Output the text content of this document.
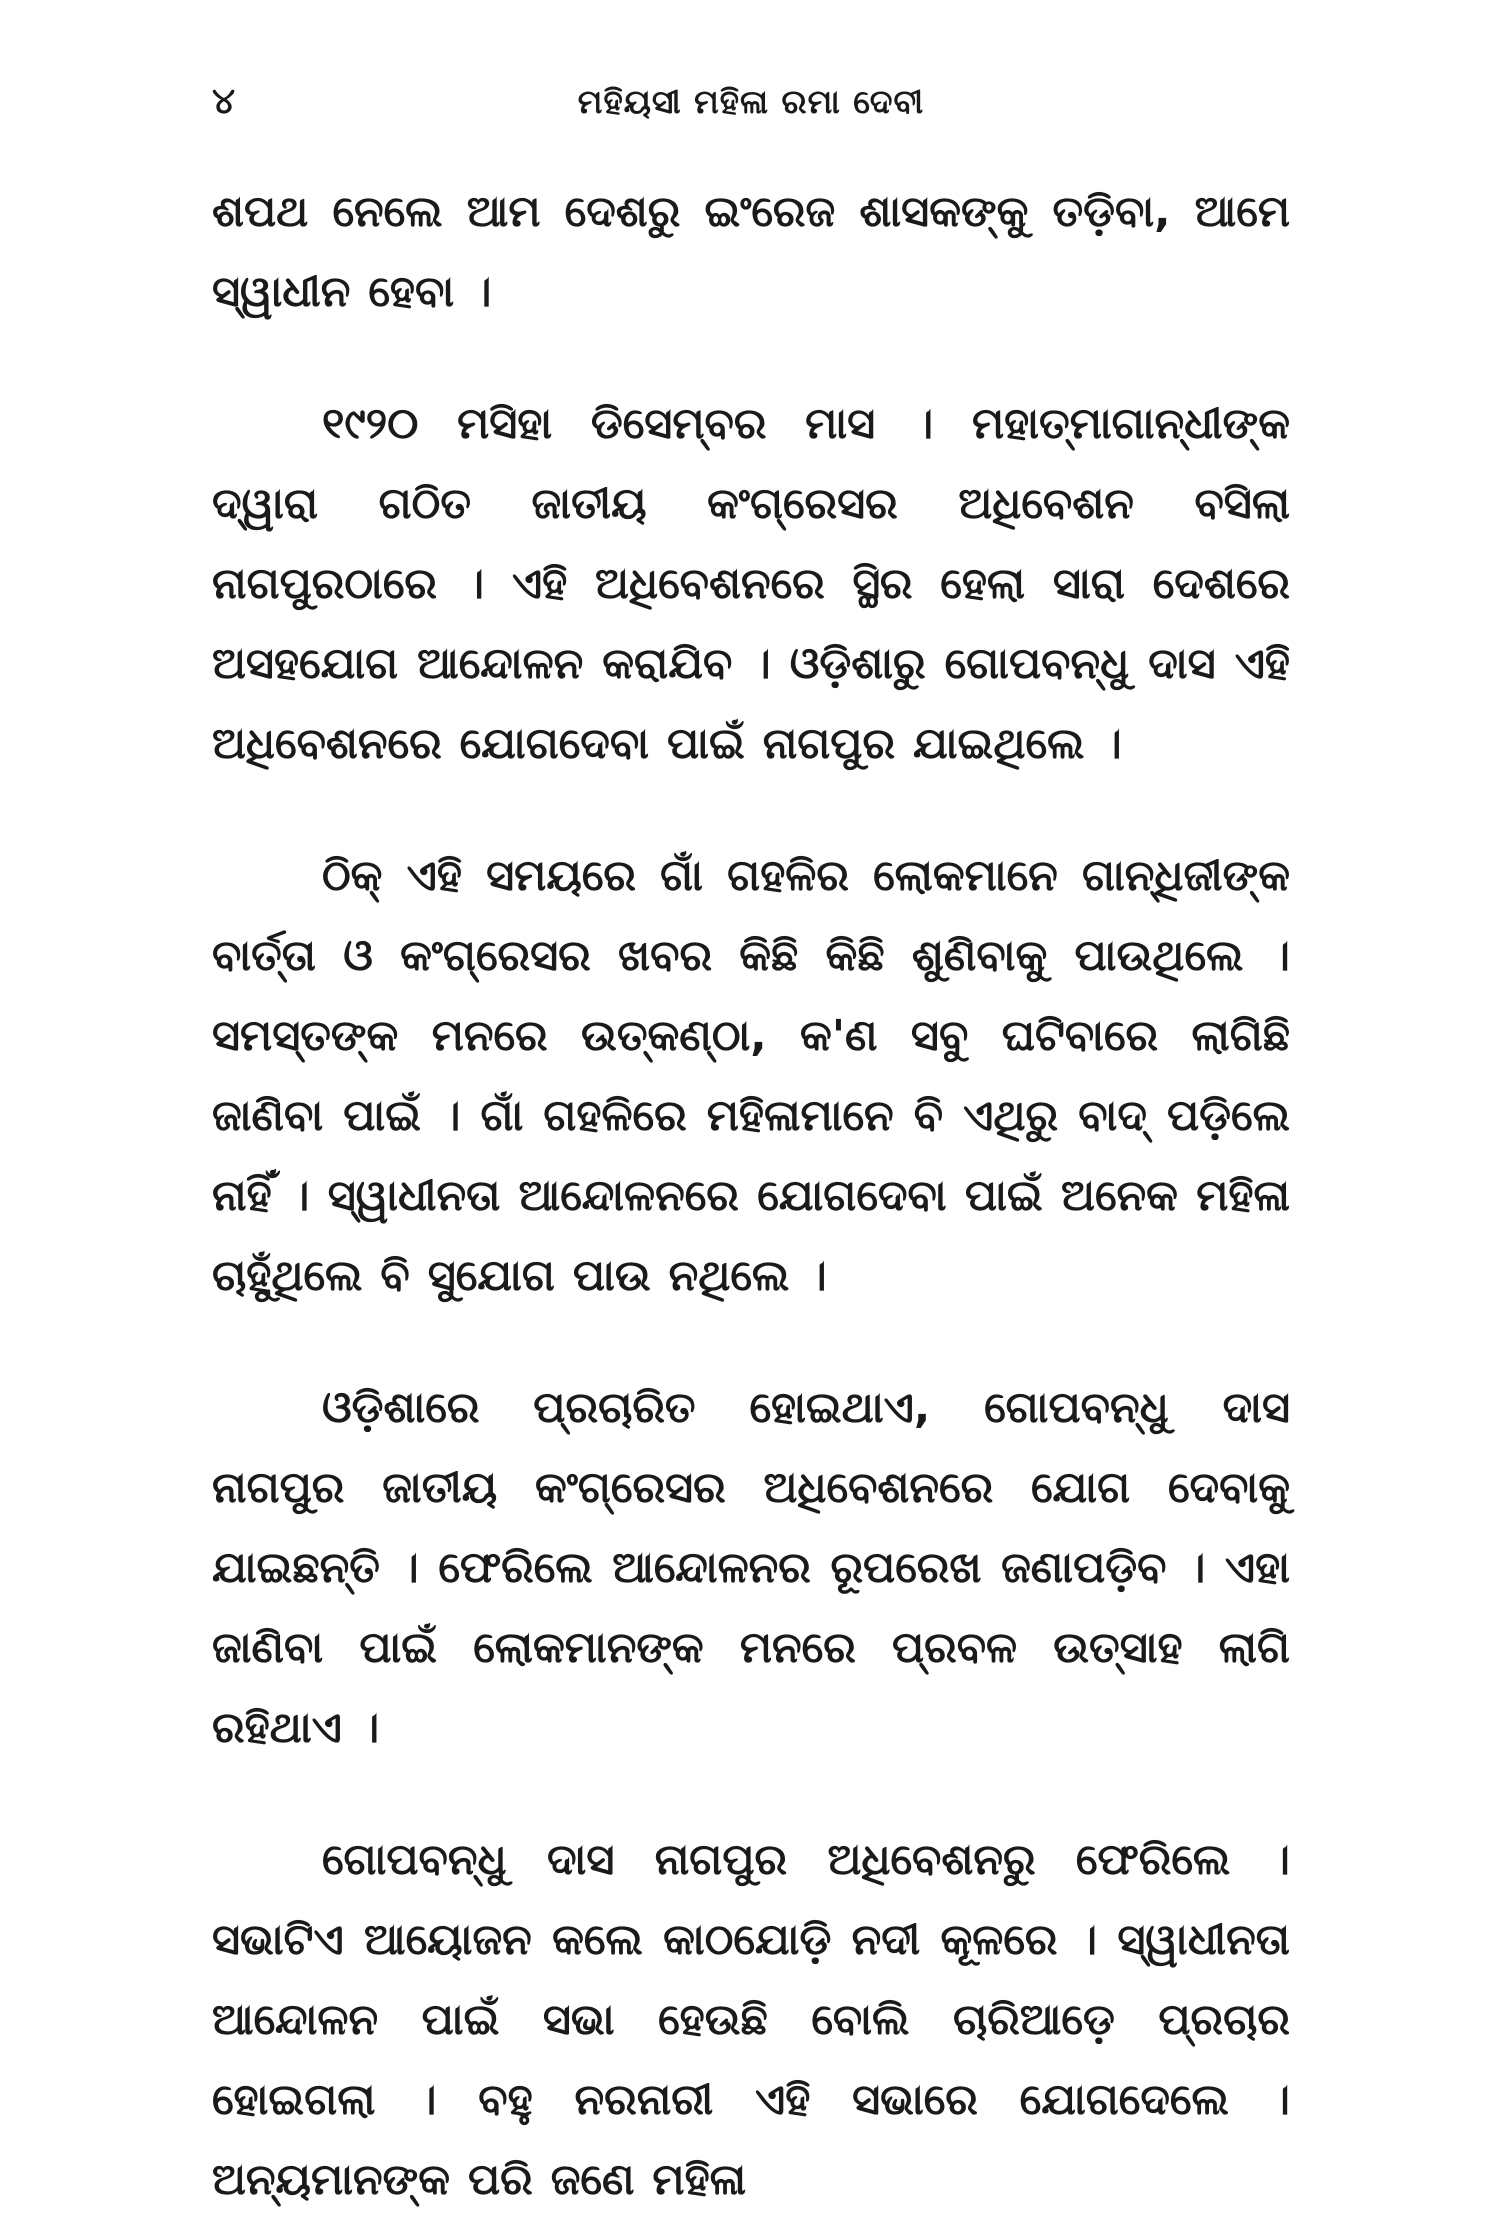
୪	ମହିୟସୀ ମହିଳା ରମା ଦେବୀ

ଶପଥ ନେଲେ ଆମ ଦେଶରୁ ଇଂରେଜ ଶାସକଙ୍କୁ ତଡ଼ିବା, ଆମେ ସ୍ୱାଧୀନ ହେବା ।

୧୯୨୦ ମସିହା ଡିସେମ୍ବର ମାସ । ମହାତ୍ମାଗାନ୍ଧୀଙ୍କ ଦ୍ୱାରା ଗଠିତ ଜାତୀୟ କଂଗ୍ରେସର ଅଧିବେଶନ ବସିଲା ନାଗପୁରଠାରେ । ଏହି ଅଧିବେଶନରେ ସ୍ଥିର ହେଲା ସାରା ଦେଶରେ ଅସହଯୋଗ ଆନ୍ଦୋଳନ କରାଯିବ । ଓଡ଼ିଶାରୁ ଗୋପବନ୍ଧୁ ଦାସ ଏହି ଅଧିବେଶନରେ ଯୋଗଦେବା ପାଇଁ ନାଗପୁର ଯାଇଥିଲେ ।

ଠିକ୍ ଏହି ସମୟରେ ଗାଁ ଗହଳିର ଲୋକମାନେ ଗାନ୍ଧିଜୀଙ୍କ ବାର୍ତ୍ତା ଓ କଂଗ୍ରେସର ଖବର କିଛି କିଛି ଶୁଣିବାକୁ ପାଉଥିଲେ । ସମସ୍ତଙ୍କ ମନରେ ଉତ୍କଣ୍ଠା, କ'ଣ ସବୁ ଘଟିବାରେ ଲାଗିଛି ଜାଣିବା ପାଇଁ । ଗାଁ ଗହଳିରେ ମହିଳାମାନେ ବି ଏଥିରୁ ବାଦ୍ ପଡ଼ିଲେ ନାହିଁ । ସ୍ୱାଧୀନତା ଆନ୍ଦୋଳନରେ ଯୋଗଦେବା ପାଇଁ ଅନେକ ମହିଳା ଚାହୁଁଥିଲେ ବି ସୁଯୋଗ ପାଉ ନଥିଲେ ।

ଓଡ଼ିଶାରେ ପ୍ରଚାରିତ ହୋଇଥାଏ, ଗୋପବନ୍ଧୁ ଦାସ ନାଗପୁର ଜାତୀୟ କଂଗ୍ରେସର ଅଧିବେଶନରେ ଯୋଗ ଦେବାକୁ ଯାଇଛନ୍ତି । ଫେରିଲେ ଆନ୍ଦୋଳନର ରୂପରେଖ ଜଣାପଡ଼ିବ । ଏହା ଜାଣିବା ପାଇଁ ଲୋକମାନଙ୍କ ମନରେ ପ୍ରବଳ ଉତ୍ସାହ ଲାଗି ରହିଥାଏ ।

ଗୋପବନ୍ଧୁ ଦାସ ନାଗପୁର ଅଧିବେଶନରୁ ଫେରିଲେ । ସଭାଟିଏ ଆୟୋଜନ କଲେ କାଠଯୋଡ଼ି ନଦୀ କୂଳରେ । ସ୍ୱାଧୀନତା ଆନ୍ଦୋଳନ ପାଇଁ ସଭା ହେଉଛି ବୋଲି ଚାରିଆଡ଼େ ପ୍ରଚାର ହୋଇଗଲା । ବହୁ ନରନାରୀ ଏହି ସଭାରେ ଯୋଗଦେଲେ । ଅନ୍ୟମାନଙ୍କ ପରି ଜଣେ ମହିଳା
